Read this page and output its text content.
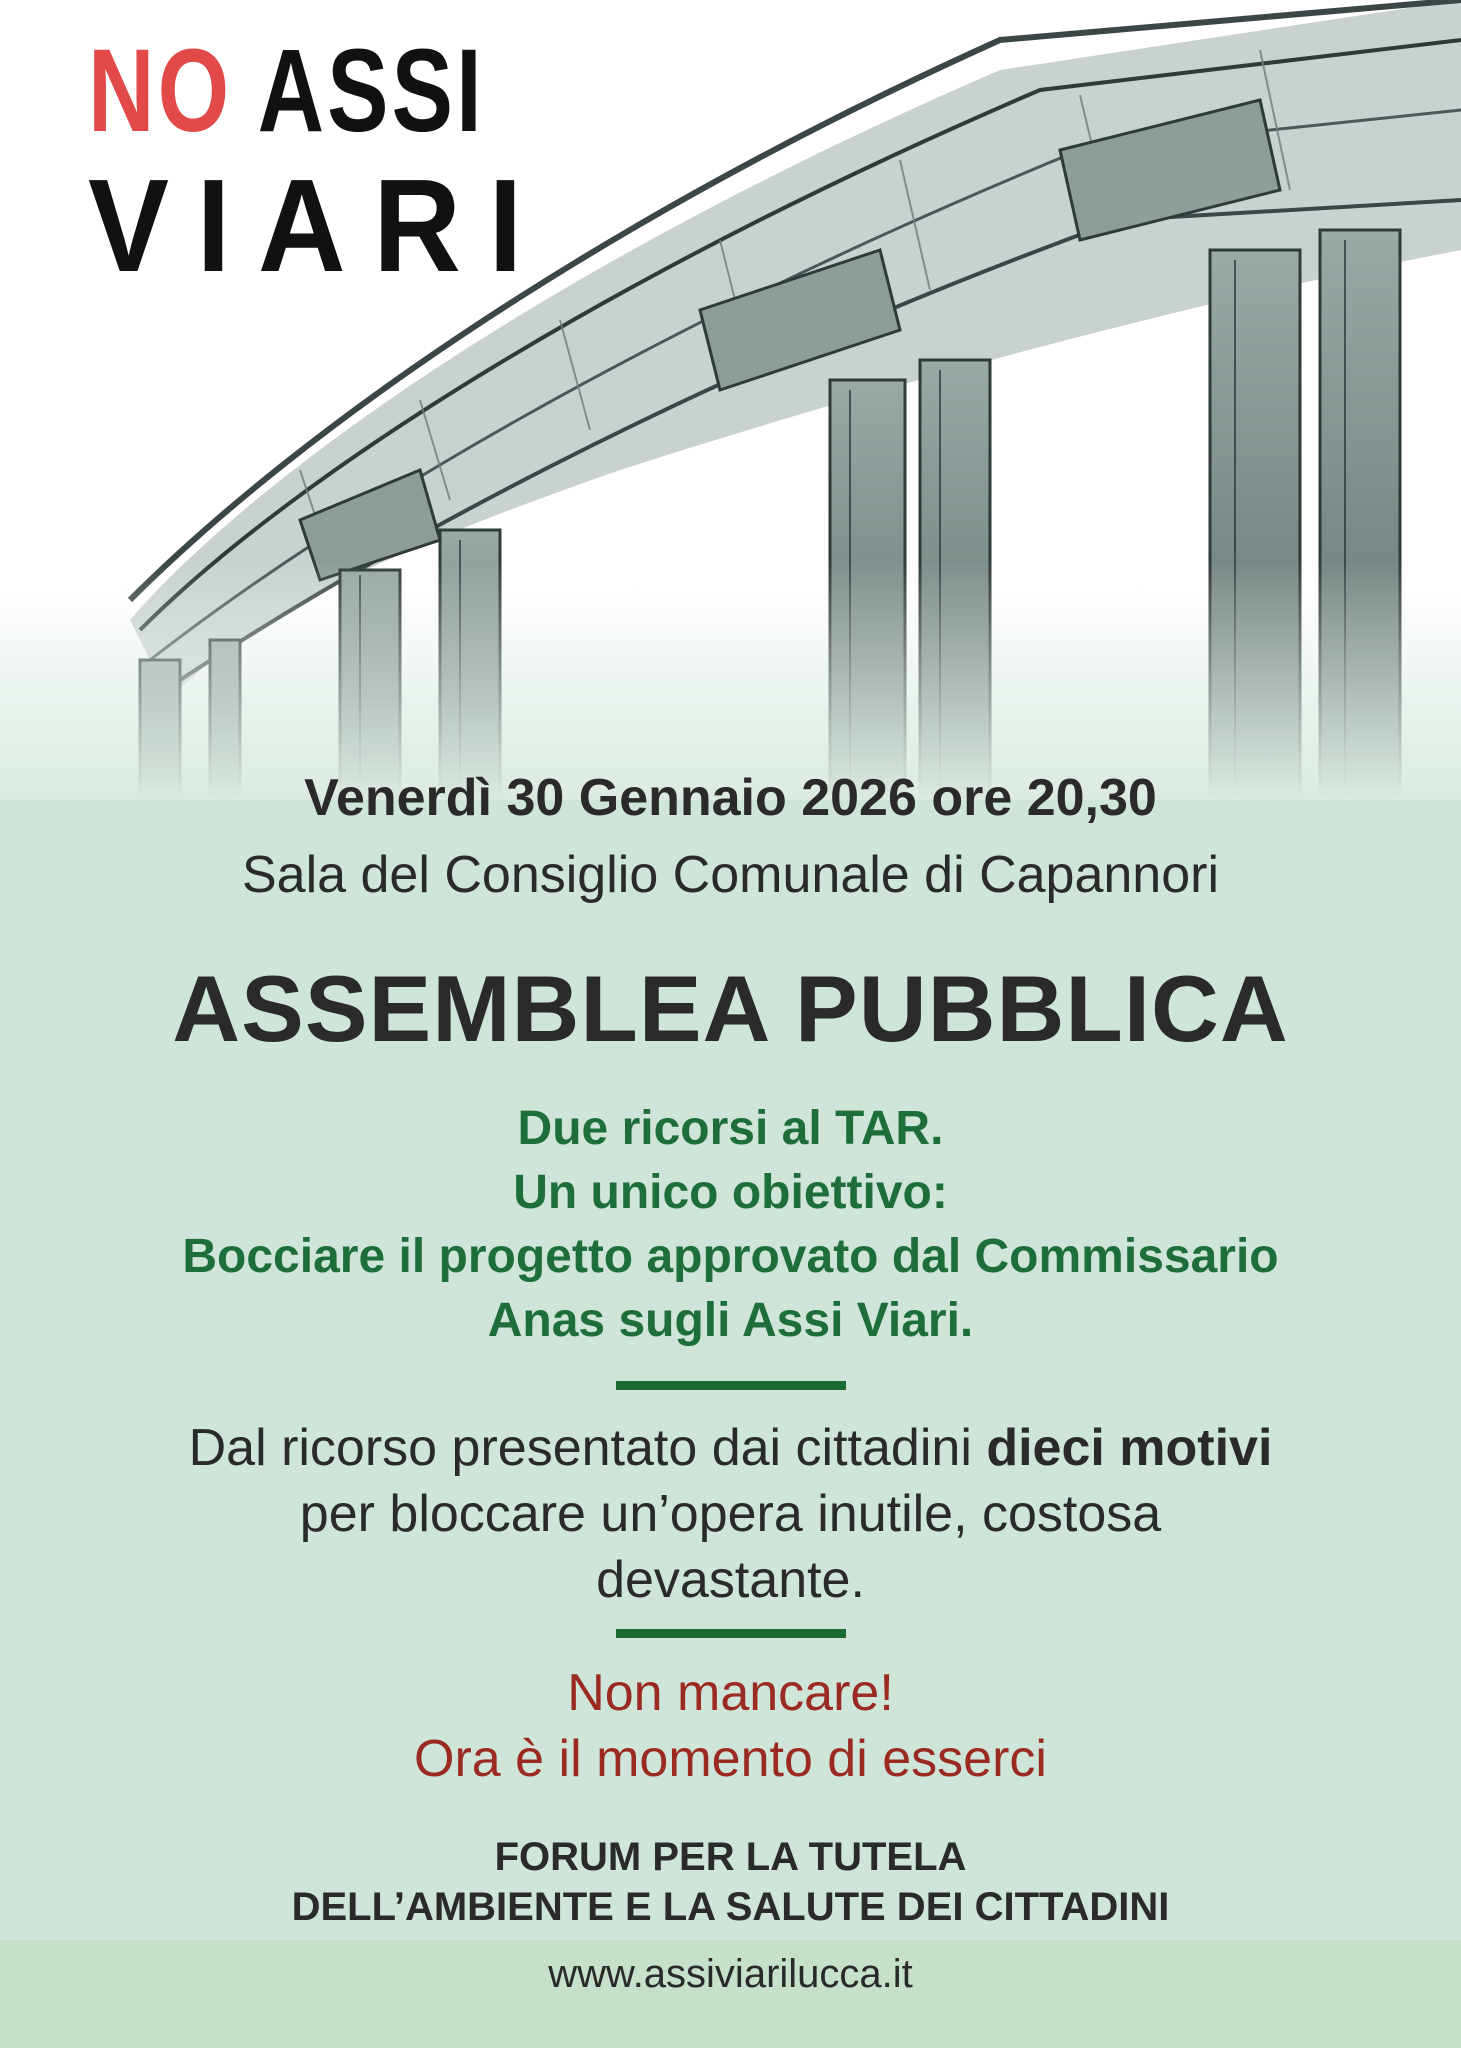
NO ASSI
VIARI
Venerdì 30 Gennaio 2026 ore 20,30
Sala del Consiglio Comunale di Capannori
ASSEMBLEA PUBBLICA
Due ricorsi al TAR.
Un unico obiettivo:
Bocciare il progetto approvato dal Commissario
Anas sugli Assi Viari.
Dal ricorso presentato dai cittadini dieci motivi
per bloccare un’opera inutile, costosa
devastante.
Non mancare!
Ora è il momento di esserci
FORUM PER LA TUTELA
DELL’AMBIENTE E LA SALUTE DEI CITTADINI
www.assiviarilucca.it
